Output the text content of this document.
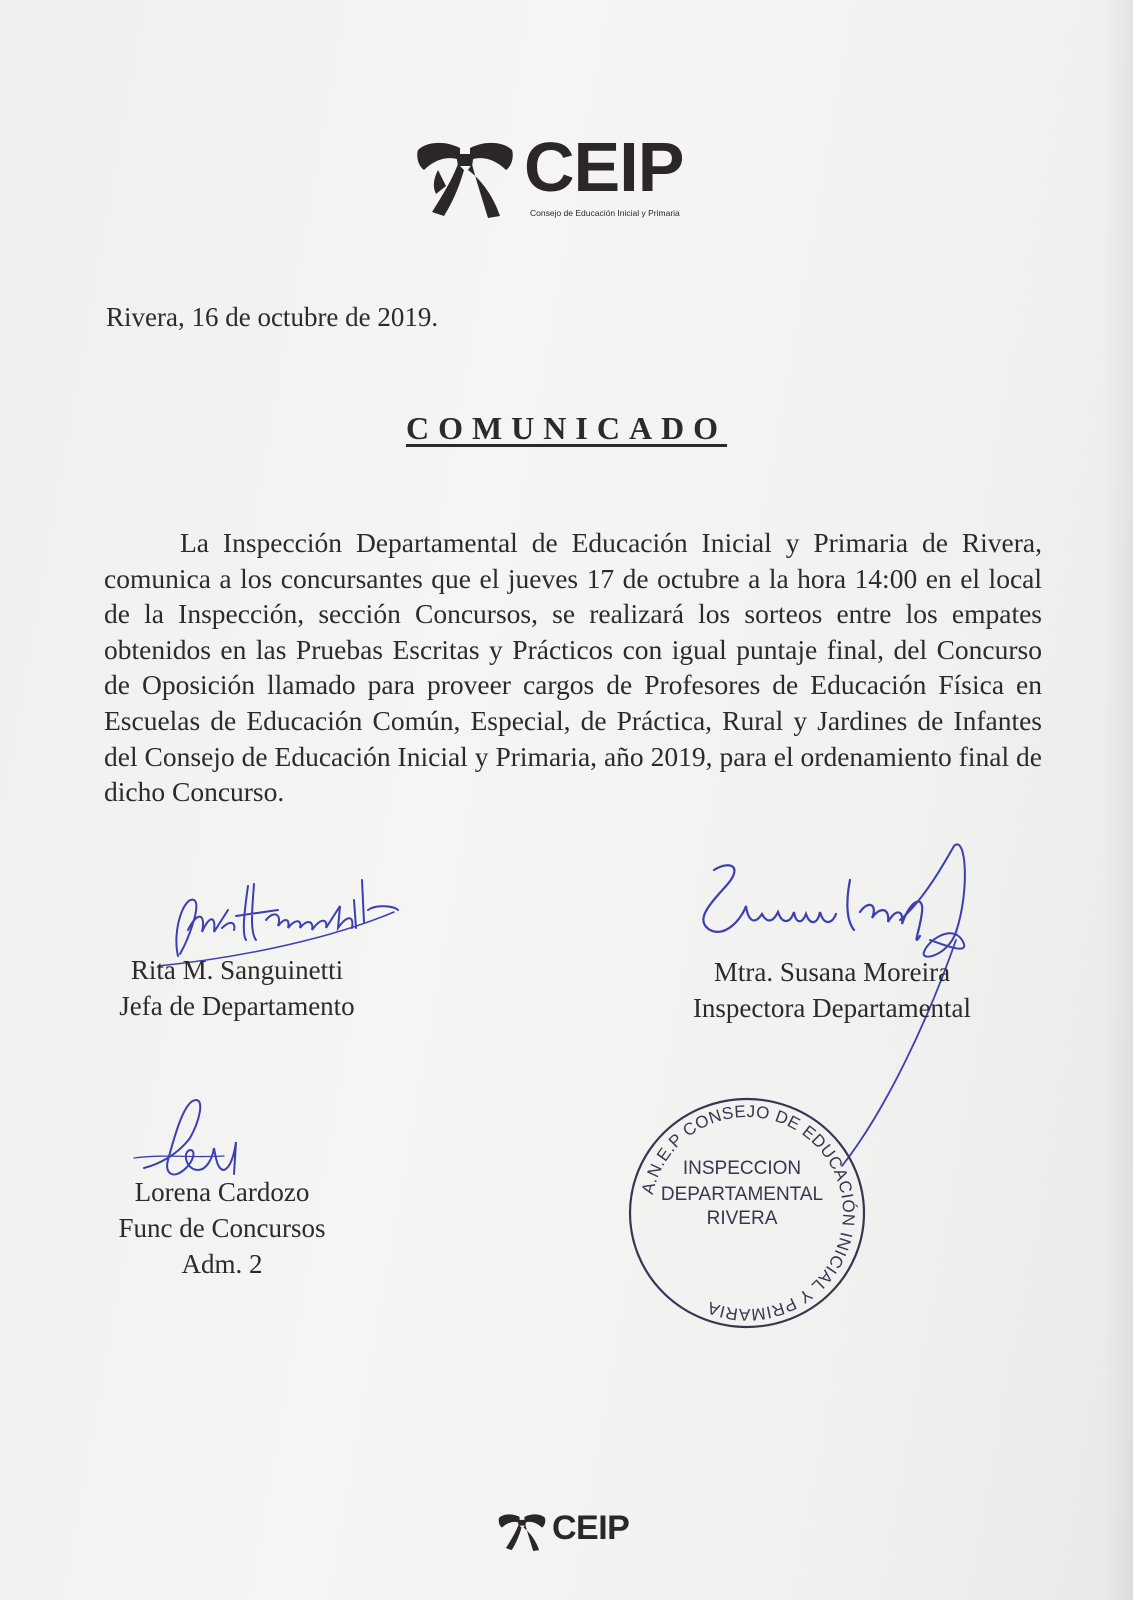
CEIP
Consejo de Educación Inicial y Primaria
Rivera, 16 de octubre de 2019.
COMUNICADO

La Inspección Departamental de Educación Inicial y Primaria de Rivera, comunica a los concursantes que el jueves 17 de octubre a la hora 14:00 en el local de la Inspección, sección Concursos, se realizará los sorteos entre los empates obtenidos en las Pruebas Escritas y Prácticos con igual puntaje final, del Concurso de Oposición llamado para proveer cargos de Profesores de Educación Física en Escuelas de Educación Común, Especial, de Práctica, Rural y Jardines de Infantes del Consejo de Educación Inicial y Primaria, año 2019, para el ordenamiento final de dicho Concurso.

Rita M. Sanguinetti
Jefa de Departamento
Mtra. Susana Moreira
Inspectora Departamental
Lorena Cardozo
Func de Concursos
Adm. 2
A.N.E.P CONSEJO DE EDUCACIÓN INICIAL Y PRIMARIA
INSPECCION
DEPARTAMENTAL
RIVERA
CEIP
